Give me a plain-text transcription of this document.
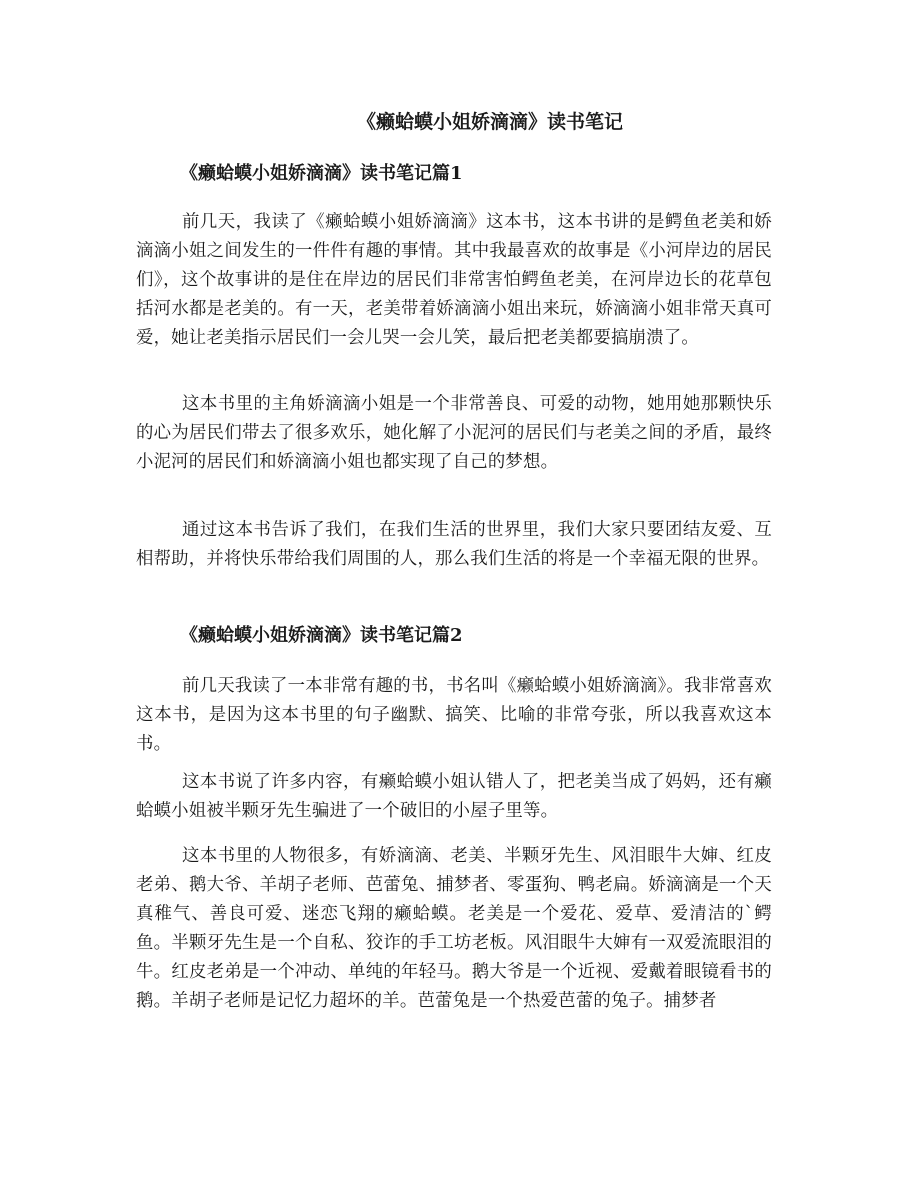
《癞蛤蟆小姐娇滴滴》读书笔记
《癞蛤蟆小姐娇滴滴》读书笔记篇1

前几天，我读了《癞蛤蟆小姐娇滴滴》这本书，这本书讲的是鳄鱼老美和娇滴滴小姐之间发生的一件件有趣的事情。其中我最喜欢的故事是《小河岸边的居民们》，这个故事讲的是住在岸边的居民们非常害怕鳄鱼老美，在河岸边长的花草包括河水都是老美的。有一天，老美带着娇滴滴小姐出来玩，娇滴滴小姐非常天真可爱，她让老美指示居民们一会儿哭一会儿笑，最后把老美都要搞崩溃了。

这本书里的主角娇滴滴小姐是一个非常善良、可爱的动物，她用她那颗快乐的心为居民们带去了很多欢乐，她化解了小泥河的居民们与老美之间的矛盾，最终小泥河的居民们和娇滴滴小姐也都实现了自己的梦想。

通过这本书告诉了我们，在我们生活的世界里，我们大家只要团结友爱、互相帮助，并将快乐带给我们周围的人，那么我们生活的将是一个幸福无限的世界。

《癞蛤蟆小姐娇滴滴》读书笔记篇2

前几天我读了一本非常有趣的书，书名叫《癞蛤蟆小姐娇滴滴》。我非常喜欢这本书，是因为这本书里的句子幽默、搞笑、比喻的非常夸张，所以我喜欢这本书。

这本书说了许多内容，有癞蛤蟆小姐认错人了，把老美当成了妈妈，还有癞蛤蟆小姐被半颗牙先生骗进了一个破旧的小屋子里等。

这本书里的人物很多，有娇滴滴、老美、半颗牙先生、风泪眼牛大婶、红皮老弟、鹅大爷、羊胡子老师、芭蕾兔、捕梦者、零蛋狗、鸭老扁。娇滴滴是一个天真稚气、善良可爱、迷恋飞翔的癞蛤蟆。老美是一个爱花、爱草、爱清洁的`鳄鱼。半颗牙先生是一个自私、狡诈的手工坊老板。风泪眼牛大婶有一双爱流眼泪的牛。红皮老弟是一个冲动、单纯的年轻马。鹅大爷是一个近视、爱戴着眼镜看书的鹅。羊胡子老师是记忆力超坏的羊。芭蕾兔是一个热爱芭蕾的兔子。捕梦者
